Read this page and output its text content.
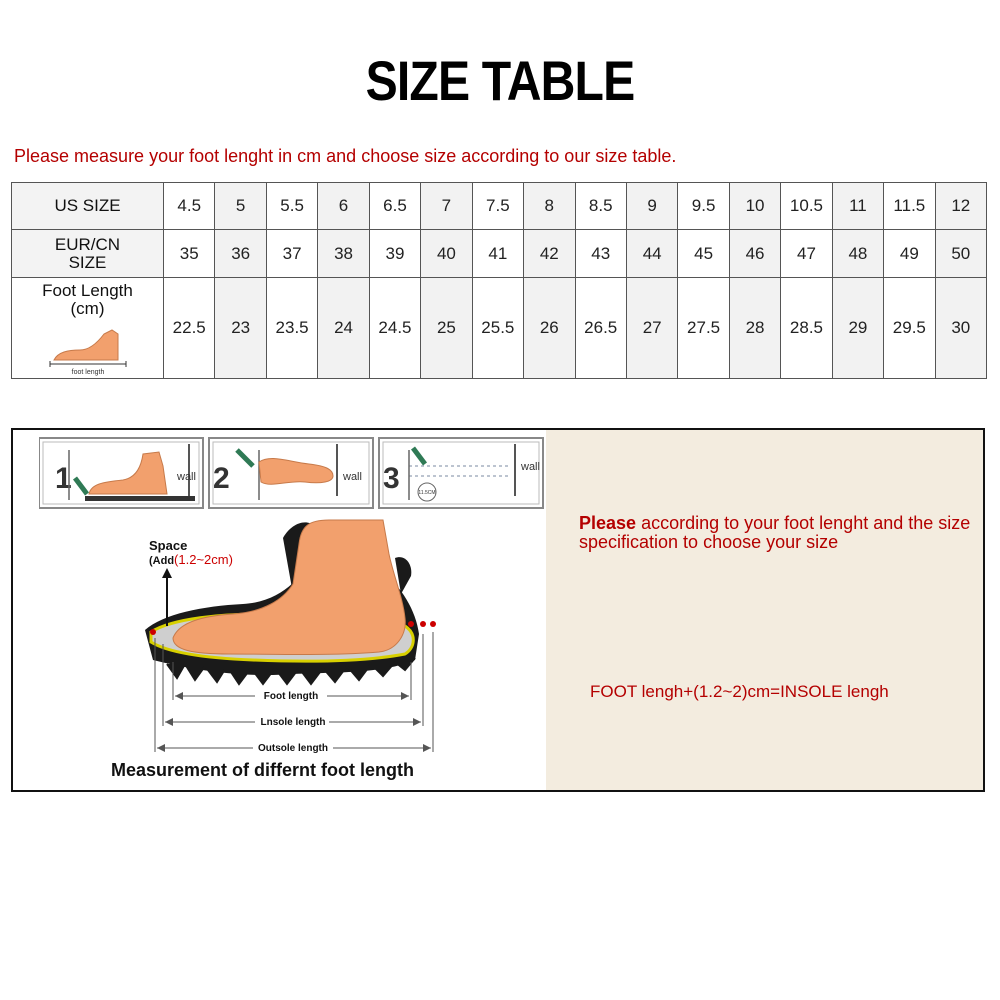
SIZE TABLE
Please measure your foot lenght in cm and choose size according to our size table.
US SIZE	4.5	5	5.5	6	6.5	7	7.5	8	8.5	9	9.5	10	10.5	11	11.5	12

EUR/CN
SIZE	35	36	37	38	39	40	41	42	43	44	45	46	47	48	49	50

Foot Length
(cm)
foot length	22.5	23	23.5	24	24.5	25	25.5	26	26.5	27	27.5	28	28.5	29	29.5	30
1	wall 2	wall 3	11.5CM
wall
Space
(Add(1.2~2cm)
Foot length
Lnsole length
Outsole length
Measurement of differnt foot length
Please according to your foot lenght and the size specification to choose your size
FOOT lengh+(1.2~2)cm=INSOLE lengh
